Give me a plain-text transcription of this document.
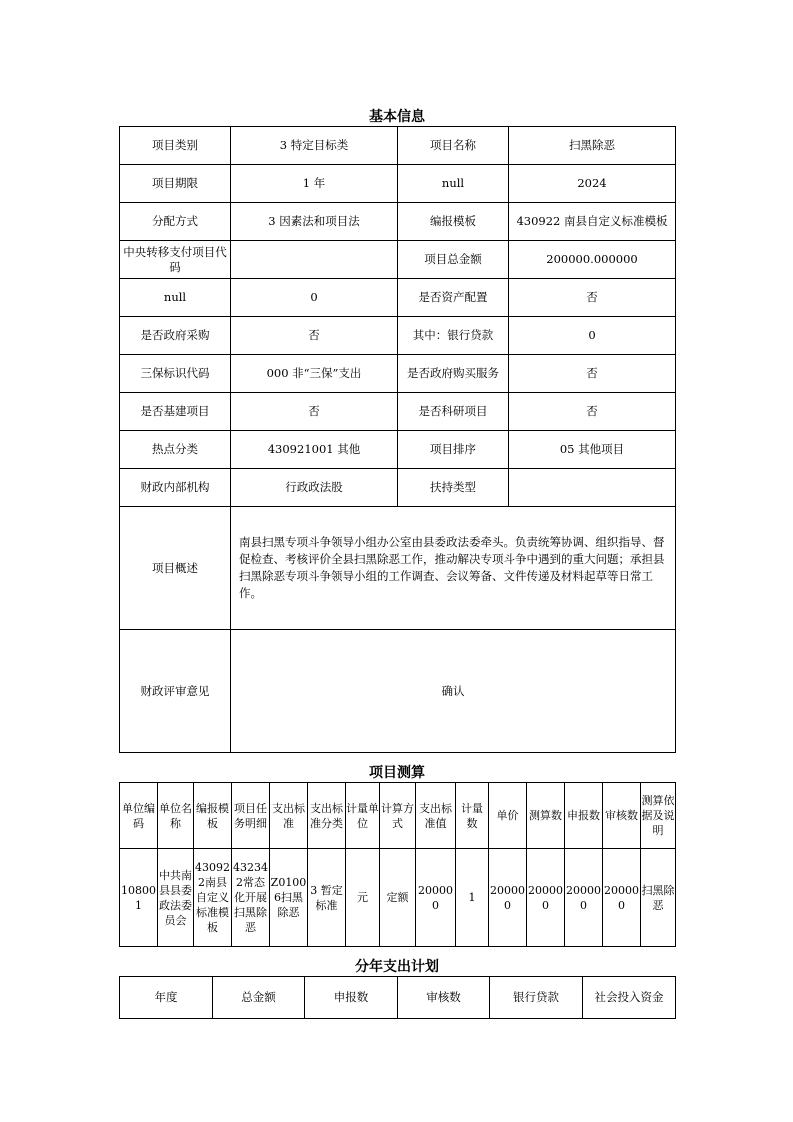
基本信息
项目类别	3 特定目标类	项目名称	扫黑除恶
项目期限	1 年	null	2024
分配方式	3 因素法和项目法	编报模板	430922 南县自定义标准模板
中央转移支付项目代码		项目总金额	200000.000000
null	0	是否资产配置	否
是否政府采购	否	其中：银行贷款	0
三保标识代码	000 非“三保”支出	是否政府购买服务	否
是否基建项目	否	是否科研项目	否
热点分类	430921001 其他	项目排序	05 其他项目
财政内部机构	行政政法股	扶持类型	
项目概述	南县扫黑专项斗争领导小组办公室由县委政法委牵头。负责统筹协调、组织指导、督促检查、考核评价全县扫黑除恶工作，推动解决专项斗争中遇到的重大问题；承担县扫黑除恶专项斗争领导小组的工作调查、会议筹备、文件传递及材料起草等日常工作。		
财政评审意见	确认		
项目测算
单位编码	单位名称	编报模板	项目任务明细	支出标准	支出标准分类	计量单位	计算方式	支出标准值	计量数	单价	测算数	申报数	审核数	测算依据及说明
108001	中共南县县委政法委员会	430922南县自定义标准模板	432342常态化开展扫黑除恶	Z01006扫黑除恶	3 暂定标准	元	定额	200000	1	200000	200000	200000	200000	扫黑除恶
分年支出计划
年度	总金额	申报数	审核数	银行贷款	社会投入资金
